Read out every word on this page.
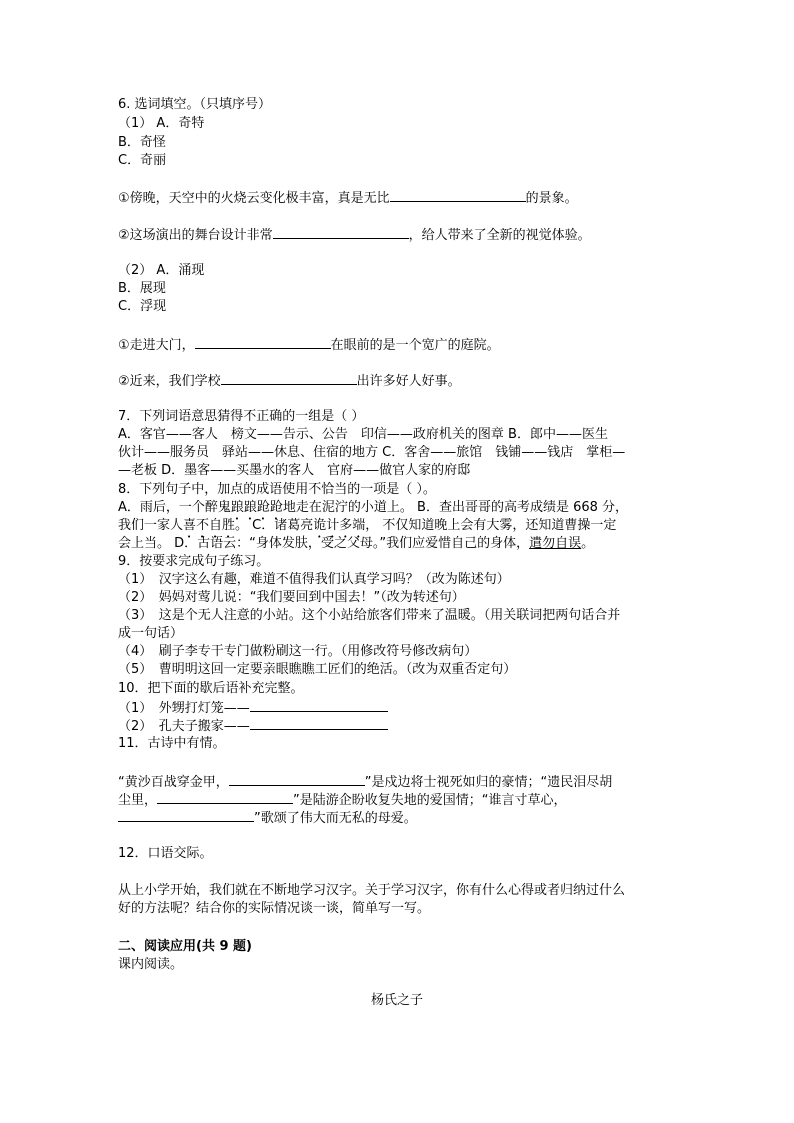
6. 选词填空。（只填序号）
（1） A．奇特
B．奇怪
C．奇丽
①傍晚，天空中的火烧云变化极丰富，真是无比	的景象。
②这场演出的舞台设计非常	，给人带来了全新的视觉体验。
（2） A．涌现
B．展现
C．浮现
①走进大门，	在眼前的是一个宽广的庭院。
②近来，我们学校	出许多好人好事。
7．下列词语意思猜得不正确的一组是（ ）
A．客官——客人　榜文——告示、公告　印信——政府机关的图章 B．郎中——医生
伙计——服务员　驿站——休息、住宿的地方 C．客舍——旅馆　钱铺——钱店　掌柜—
—老板 D．墨客——买墨水的客人　官府——做官人家的府邸
8．下列句子中，加点的成语使用不恰当的一项是（ ）。
A．雨后，一个醉鬼踉踉跄跄地走在泥泞的小道上。 B．查出哥哥的高考成绩是 668 分，
我们一家人喜不自胜。 C．诸葛亮诡计多端， 不仅知道晚上会有大雾，还知道曹操一定
会上当。 D．古语云：“身体发肤，受之父母。”我们应爱惜自己的身体，遣勿自误。
9．按要求完成句子练习。
（1）　汉字这么有趣，难道不值得我们认真学习吗？（改为陈述句）
（2）　妈妈对莺儿说：“我们要回到中国去！”（改为转述句）
（3）　这是个无人注意的小站。这个小站给旅客们带来了温暖。（用关联词把两句话合并
成一句话）
（4）　刷子李专干专门做粉刷这一行。（用修改符号修改病句）
（5）　曹明明这回一定要亲眼瞧瞧工匠们的绝活。（改为双重否定句）
10．把下面的歇后语补充完整。
（1）　外甥打灯笼——
（2）　孔夫子搬家——
11．古诗中有情。
“黄沙百战穿金甲，	”是戍边将士视死如归的豪情；“遗民泪尽胡
尘里，	”是陆游企盼收复失地的爱国情；“谁言寸草心，
”歌颂了伟大而无私的母爱。
12．口语交际。
从上小学开始，我们就在不断地学习汉字。关于学习汉字，你有什么心得或者归纳过什么
好的方法呢？结合你的实际情况谈一谈，简单写一写。
二、阅读应用(共 9 题)
课内阅读。
杨氏之子
